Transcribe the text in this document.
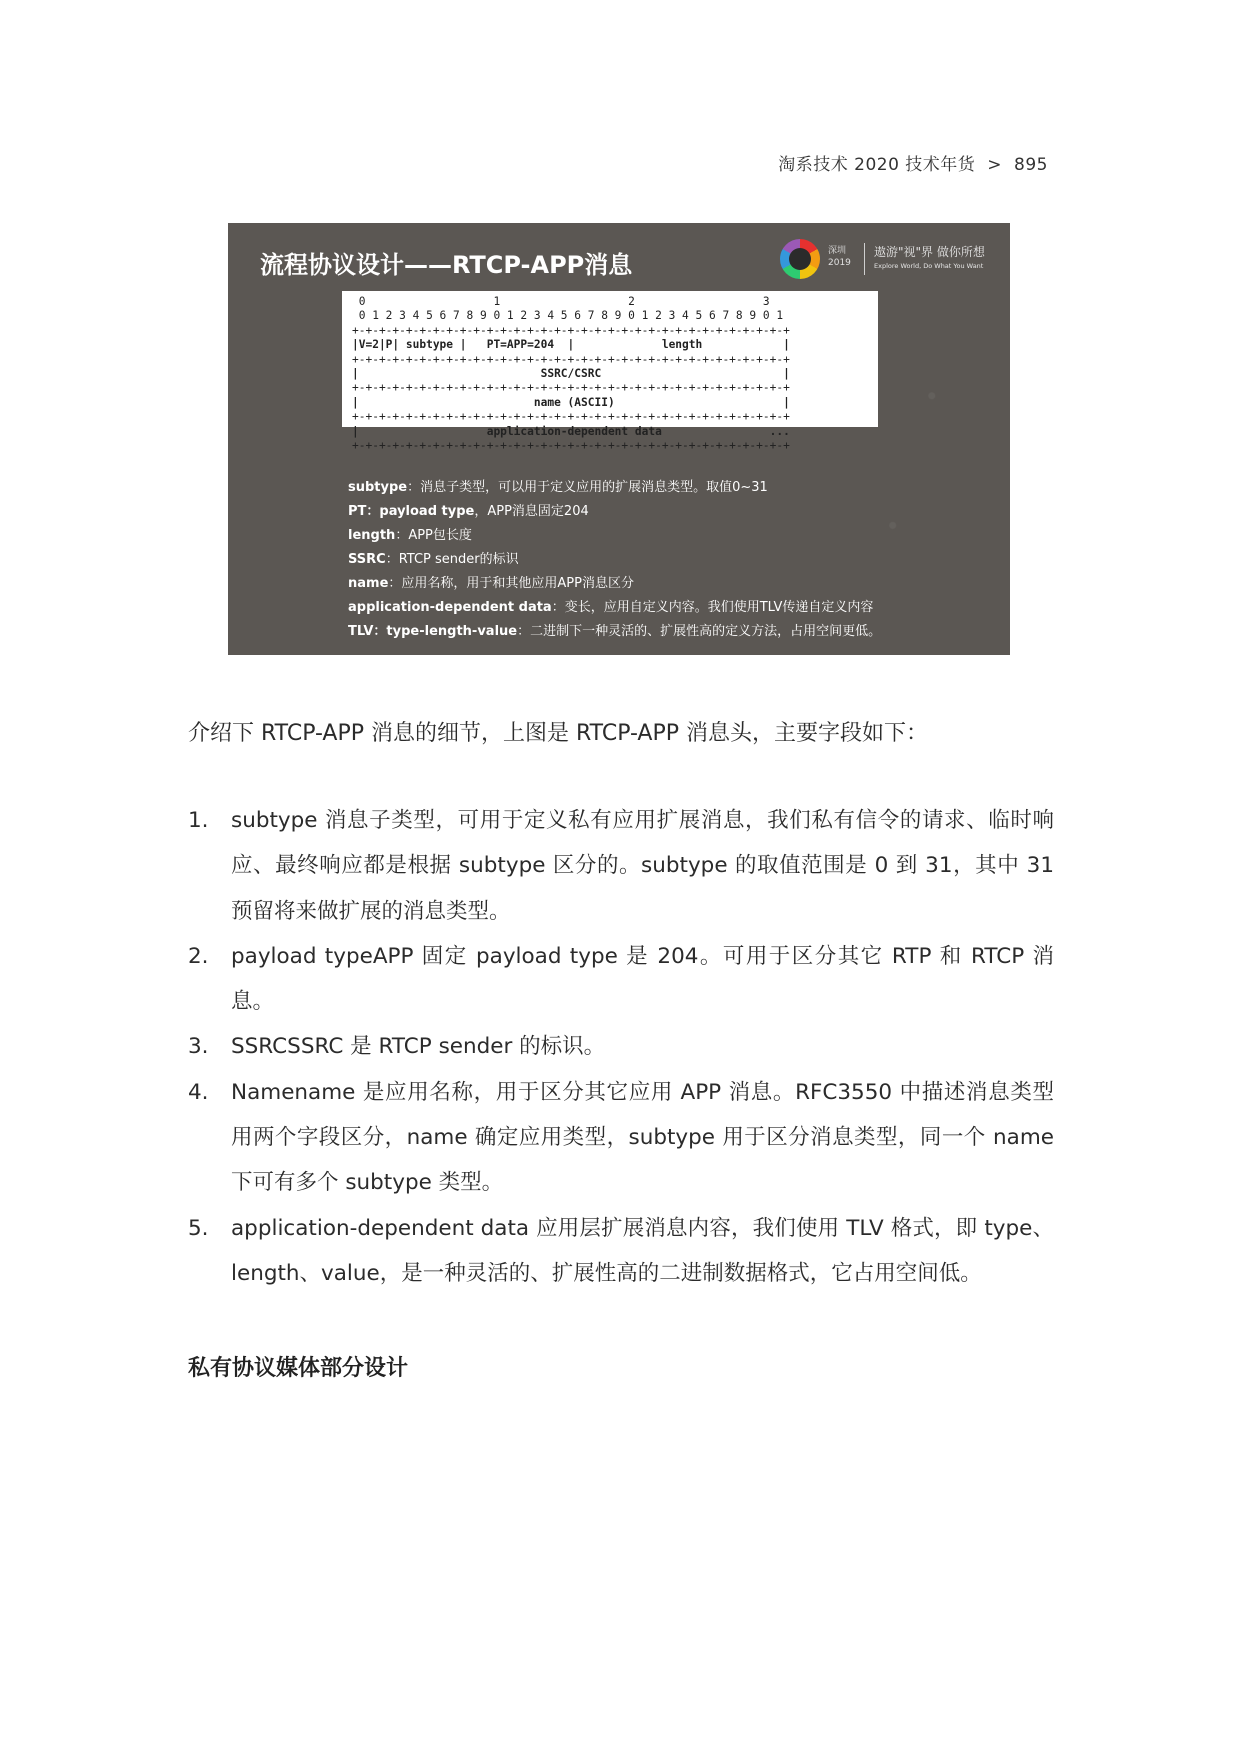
淘系技术 2020 技术年货 > 895
流程协议设计——RTCP-APP消息	深圳
2019
遨游"视"界 做你所想
Explore World, Do What You Want
0                   1                   2                   3
0 1 2 3 4 5 6 7 8 9 0 1 2 3 4 5 6 7 8 9 0 1 2 3 4 5 6 7 8 9 0 1
+-+-+-+-+-+-+-+-+-+-+-+-+-+-+-+-+-+-+-+-+-+-+-+-+-+-+-+-+-+-+-+-+
|V=2|P| subtype |   PT=APP=204  |             length            |
+-+-+-+-+-+-+-+-+-+-+-+-+-+-+-+-+-+-+-+-+-+-+-+-+-+-+-+-+-+-+-+-+
|                           SSRC/CSRC                           |
+-+-+-+-+-+-+-+-+-+-+-+-+-+-+-+-+-+-+-+-+-+-+-+-+-+-+-+-+-+-+-+-+
|                          name (ASCII)                         |
+-+-+-+-+-+-+-+-+-+-+-+-+-+-+-+-+-+-+-+-+-+-+-+-+-+-+-+-+-+-+-+-+
|                   application-dependent data                ...
+-+-+-+-+-+-+-+-+-+-+-+-+-+-+-+-+-+-+-+-+-+-+-+-+-+-+-+-+-+-+-+-+
subtype：消息子类型，可以用于定义应用的扩展消息类型。取值0~31
PT：payload type，APP消息固定204
length：APP包长度
SSRC：RTCP sender的标识
name：应用名称，用于和其他应用APP消息区分
application-dependent data：变长，应用自定义内容。我们使用TLV传递自定义内容
TLV：type-length-value：二进制下一种灵活的、扩展性高的定义方法，占用空间更低。
介绍下 RTCP-APP 消息的细节，上图是 RTCP-APP 消息头，主要字段如下：
1. subtype 消息子类型，可用于定义私有应用扩展消息，我们私有信令的请求、临时响应、最终响应都是根据 subtype 区分的。subtype 的取值范围是 0 到 31，其中 31 预留将来做扩展的消息类型。
2. payload typeAPP 固定 payload type 是 204。可用于区分其它 RTP 和 RTCP 消息。
3. SSRCSSRC 是 RTCP sender 的标识。
4. Namename 是应用名称，用于区分其它应用 APP 消息。RFC3550 中描述消息类型用两个字段区分，name 确定应用类型，subtype 用于区分消息类型，同一个 name 下可有多个 subtype 类型。
5. application-dependent data 应用层扩展消息内容，我们使用 TLV 格式，即 type、length、value，是一种灵活的、扩展性高的二进制数据格式，它占用空间低。
私有协议媒体部分设计
